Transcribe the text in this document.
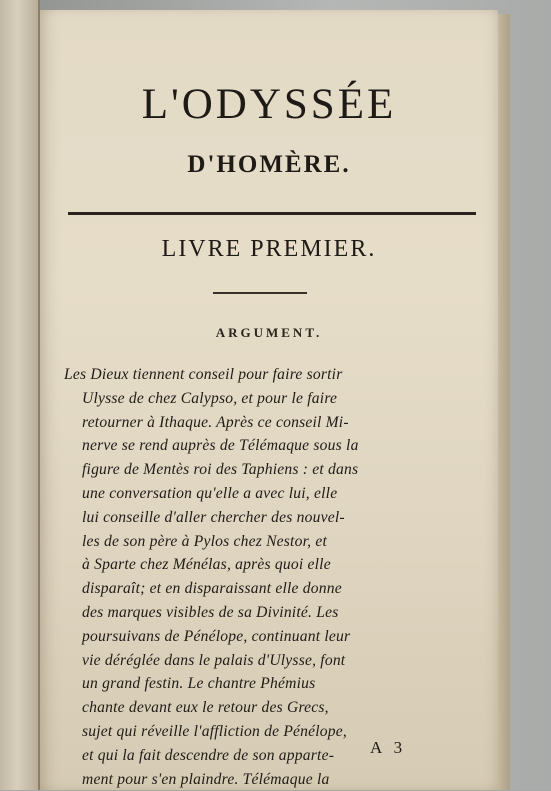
L'ODYSSÉE
D'HOMÈRE.
LIVRE PREMIER.
ARGUMENT.
Les Dieux tiennent conseil pour faire sortir
Ulysse de chez Calypso, et pour le faire
retourner à Ithaque. Après ce conseil Mi-
nerve se rend auprès de Télémaque sous la
figure de Mentès roi des Taphiens : et dans
une conversation qu'elle a avec lui, elle
lui conseille d'aller chercher des nouvel-
les de son père à Pylos chez Nestor, et
à Sparte chez Ménélas, après quoi elle
disparaît; et en disparaissant elle donne
des marques visibles de sa Divinité. Les
poursuivans de Pénélope, continuant leur
vie déréglée dans le palais d'Ulysse, font
un grand festin. Le chantre Phémius
chante devant eux le retour des Grecs,
sujet qui réveille l'affliction de Pénélope,
et qui la fait descendre de son apparte-
ment pour s'en plaindre. Télémaque la
A 3
